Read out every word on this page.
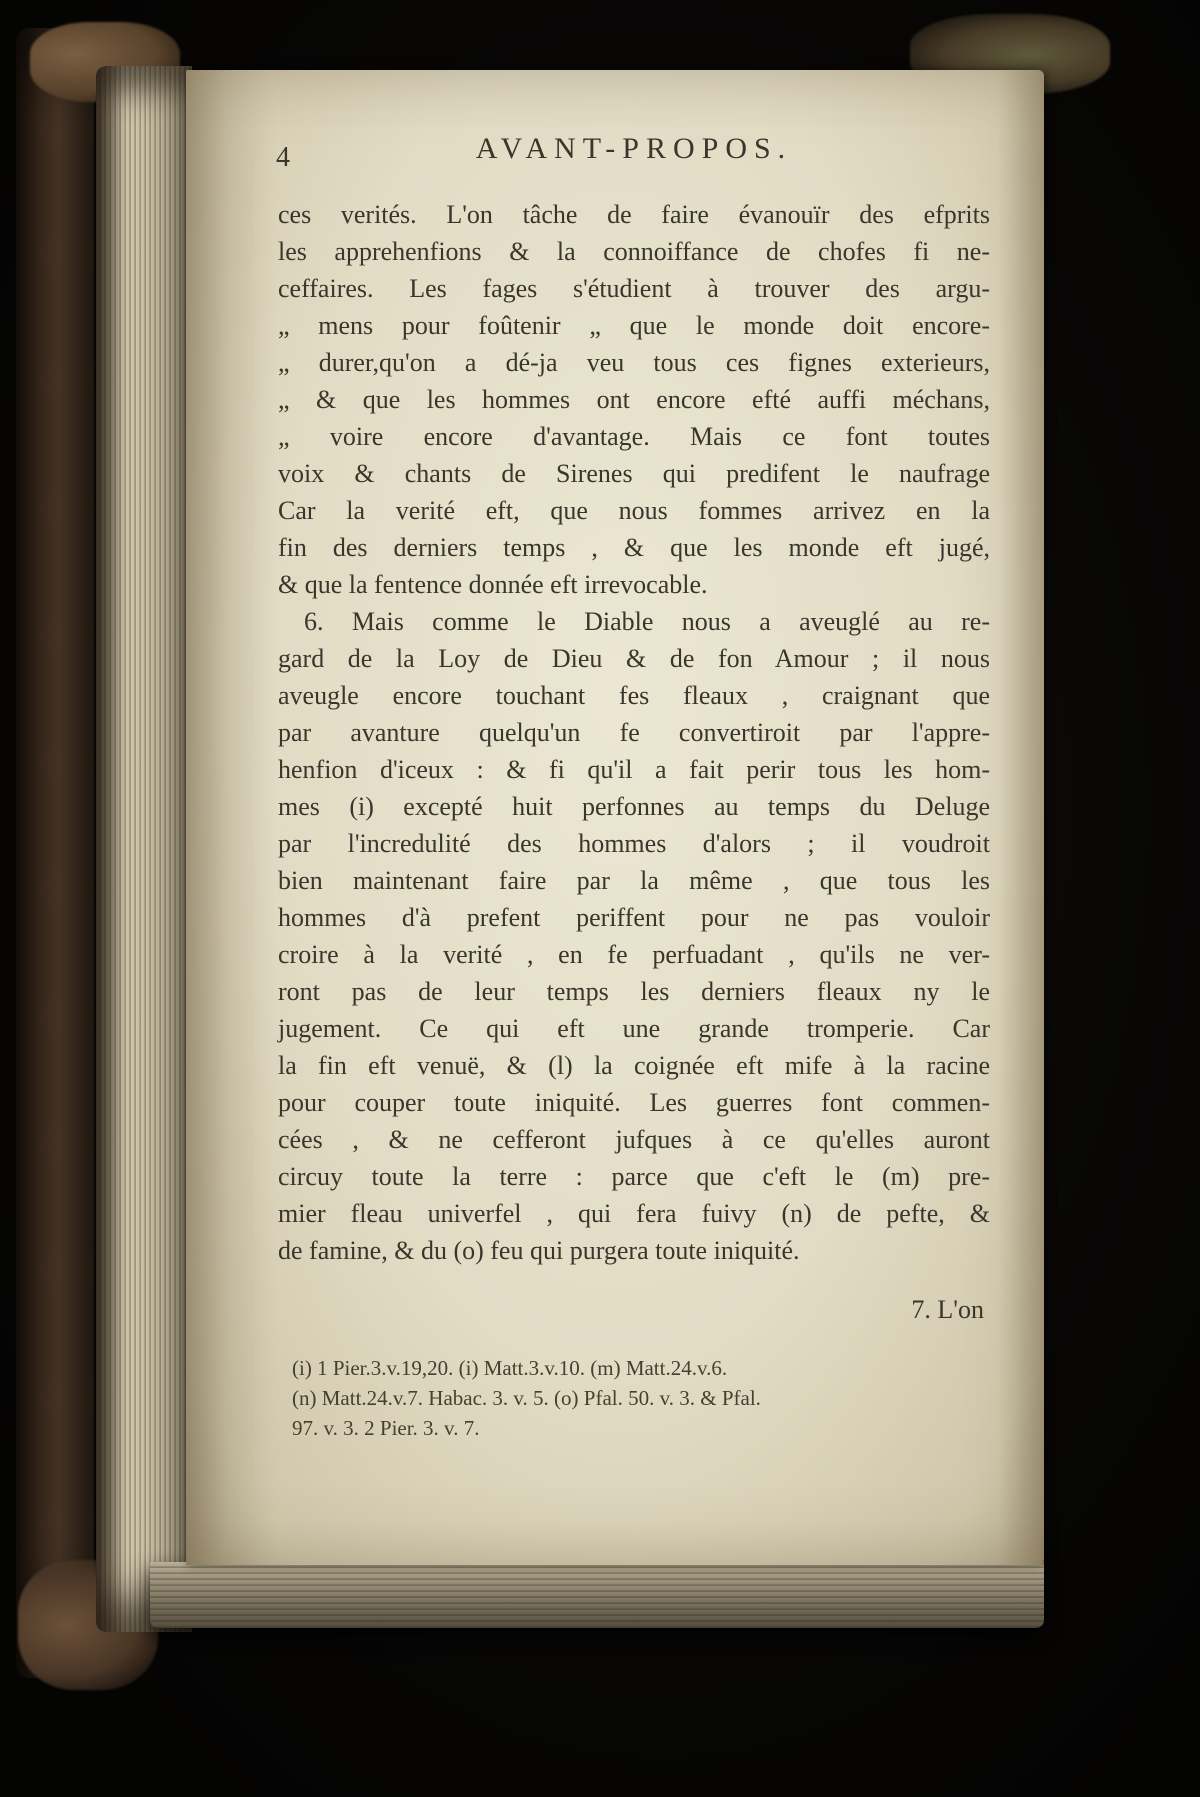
4	AVANT-PROPOS.
ces verités. L'on tâche de faire évanouïr des efprits
les apprehenfions & la connoiffance de chofes fi ne-
ceffaires. Les fages s'étudient à trouver des argu-
„ mens pour foûtenir „ que le monde doit encore-
„ durer,qu'on a dé-ja veu tous ces fignes exterieurs,
„ & que les hommes ont encore efté auffi méchans,
„ voire encore d'avantage. Mais ce font toutes
voix & chants de Sirenes qui predifent le naufrage
Car la verité eft, que nous fommes arrivez en la
fin des derniers temps , & que les monde eft jugé,
& que la fentence donnée eft irrevocable.
6. Mais comme le Diable nous a aveuglé au re-
gard de la Loy de Dieu & de fon Amour ; il nous
aveugle encore touchant fes fleaux , craignant que
par avanture quelqu'un fe convertiroit par l'appre-
henfion d'iceux : & fi qu'il a fait perir tous les hom-
mes (i) excepté huit perfonnes au temps du Deluge
par l'incredulité des hommes d'alors ; il voudroit
bien maintenant faire par la même , que tous les
hommes d'à prefent periffent pour ne pas vouloir
croire à la verité , en fe perfuadant , qu'ils ne ver-
ront pas de leur temps les derniers fleaux ny le
jugement. Ce qui eft une grande tromperie. Car
la fin eft venuë, & (l) la coignée eft mife à la racine
pour couper toute iniquité. Les guerres font commen-
cées , & ne cefferont jufques à ce qu'elles auront
circuy toute la terre : parce que c'eft le (m) pre-
mier fleau univerfel , qui fera fuivy (n) de pefte, &
de famine, & du (o) feu qui purgera toute iniquité.
7. L'on
(i) 1 Pier.3.v.19,20. (i) Matt.3.v.10. (m) Matt.24.v.6.
(n) Matt.24.v.7. Habac. 3. v. 5. (o) Pfal. 50. v. 3. & Pfal.
97. v. 3. 2 Pier. 3. v. 7.
